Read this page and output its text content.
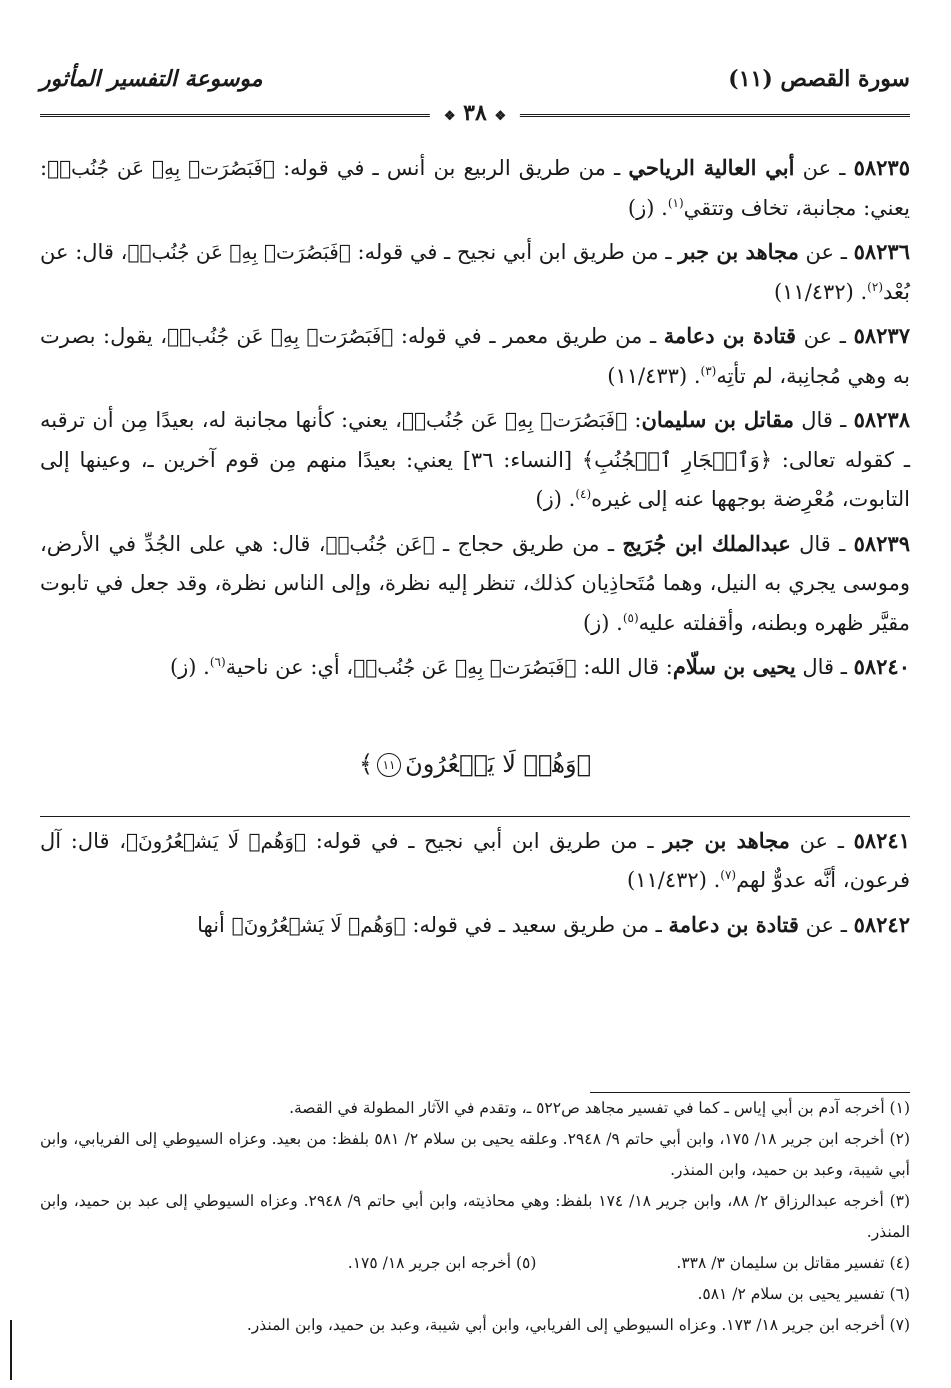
سورة القصص (١١)
موسوعة التفسير المأثور
❖ ٣٨ ❖

٥٨٢٣٥ ـ عن أبي العالية الرياحي ـ من طريق الربيع بن أنس ـ في قوله: ﴿فَبَصُرَتۡ بِهِۦ عَن جُنُبٖ﴾: يعني: مجانبة، تخاف وتتقي$^{(١)}$. (ز)

٥٨٢٣٦ ـ عن مجاهد بن جبر ـ من طريق ابن أبي نجيح ـ في قوله: ﴿فَبَصُرَتۡ بِهِۦ عَن جُنُبٖ﴾، قال: عن بُعْد$^{(٢)}$. (١١/٤٣٢)

٥٨٢٣٧ ـ عن قتادة بن دعامة ـ من طريق معمر ـ في قوله: ﴿فَبَصُرَتۡ بِهِۦ عَن جُنُبٖ﴾، يقول: بصرت به وهي مُجانِبة، لم تأتِه$^{(٣)}$. (١١/٤٣٣)

٥٨٢٣٨ ـ قال مقاتل بن سليمان: ﴿فَبَصُرَتۡ بِهِۦ عَن جُنُبٖ﴾، يعني: كأنها مجانبة له، بعيدًا مِن أن ترقبه ـ كقوله تعالى: ﴿وَٱلۡجَارِ ٱلۡجُنُبِ﴾ [النساء: ٣٦] يعني: بعيدًا منهم مِن قوم آخرين ـ، وعينها إلى التابوت، مُعْرِضة بوجهها عنه إلى غيره$^{(٤)}$. (ز)

٥٨٢٣٩ ـ قال عبدالملك ابن جُرَيج ـ من طريق حجاج ـ ﴿عَن جُنُبٖ﴾، قال: هي على الجُدِّ في الأرض، وموسى يجري به النيل، وهما مُتَحاذِيان كذلك، تنظر إليه نظرة، وإلى الناس نظرة، وقد جعل في تابوت مقيَّر ظهره وبطنه، وأقفلته عليه$^{(٥)}$. (ز)

٥٨٢٤٠ ـ قال يحيى بن سلّام: قال الله: ﴿فَبَصُرَتۡ بِهِۦ عَن جُنُبٖ﴾، أي: عن ناحية$^{(٦)}$. (ز)

﴿وَهُمۡ لَا يَشۡعُرُونَ١١﴾

٥٨٢٤١ ـ عن مجاهد بن جبر ـ من طريق ابن أبي نجيح ـ في قوله: ﴿وَهُمۡ لَا يَشۡعُرُونَ﴾، قال: آل فرعون، أنَّه عدوٌّ لهم$^{(٧)}$. (١١/٤٣٢)

٥٨٢٤٢ ـ عن قتادة بن دعامة ـ من طريق سعيد ـ في قوله: ﴿وَهُمۡ لَا يَشۡعُرُونَ﴾ أنها

(١) أخرجه آدم بن أبي إياس ـ كما في تفسير مجاهد ص٥٢٢ ـ، وتقدم في الآثار المطولة في القصة.
(٢) أخرجه ابن جرير ١٨/ ١٧٥، وابن أبي حاتم ٩/ ٢٩٤٨. وعلقه يحيى بن سلام ٢/ ٥٨١ بلفظ: من بعيد. وعزاه السيوطي إلى الفريابي، وابن أبي شيبة، وعبد بن حميد، وابن المنذر.
(٣) أخرجه عبدالرزاق ٢/ ٨٨، وابن جرير ١٨/ ١٧٤ بلفظ: وهي محاذيته، وابن أبي حاتم ٩/ ٢٩٤٨. وعزاه السيوطي إلى عبد بن حميد، وابن المنذر.
(٤) تفسير مقاتل بن سليمان ٣/ ٣٣٨.
(٥) أخرجه ابن جرير ١٨/ ١٧٥.
(٦) تفسير يحيى بن سلام ٢/ ٥٨١.
(٧) أخرجه ابن جرير ١٨/ ١٧٣. وعزاه السيوطي إلى الفريابي، وابن أبي شيبة، وعبد بن حميد، وابن المنذر.
